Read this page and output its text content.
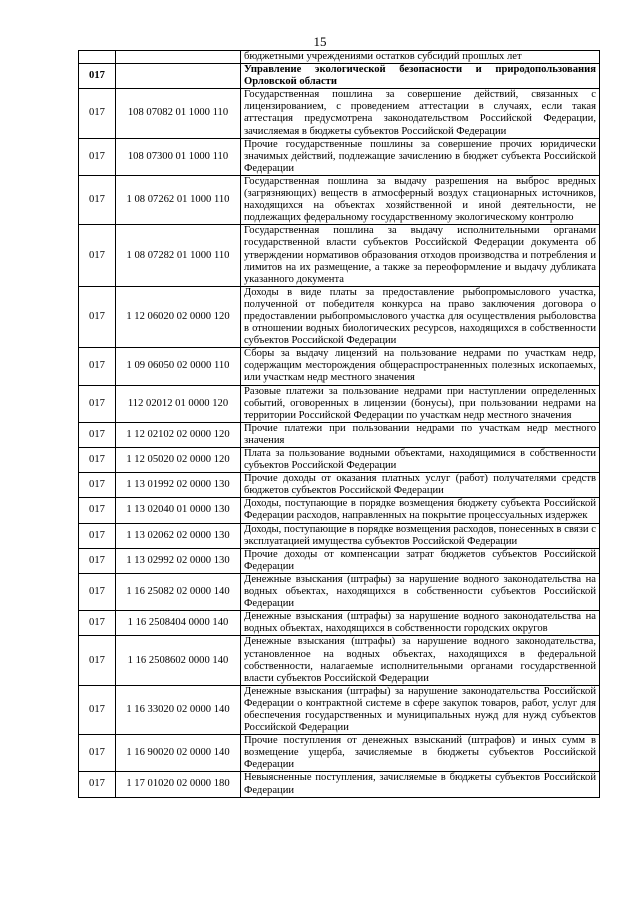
15
		бюджетными учреждениями остатков субсидий прошлых лет
017		Управление экологической безопасности и природопользования Орловской области
017	108 07082 01 1000 110	Государственная пошлина за совершение действий, связанных с лицензированием, с проведением аттестации в случаях, если такая аттестация предусмотрена законодательством Российской Федерации, зачисляемая в бюджеты субъектов Российской Федерации
017	108 07300 01 1000 110	Прочие государственные пошлины за совершение прочих юридически значимых действий, подлежащие зачислению в бюджет субъекта Российской Федерации
017	1 08 07262 01 1000 110	Государственная пошлина за выдачу разрешения на выброс вредных (загрязняющих) веществ в атмосферный воздух стационарных источников, находящихся на объектах хозяйственной и иной деятельности, не подлежащих федеральному государственному экологическому контролю
017	1 08 07282 01 1000 110	Государственная пошлина за выдачу исполнительными органами государственной власти субъектов Российской Федерации документа об утверждении нормативов образования отходов производства и потребления и лимитов на их размещение, а также за переоформление и выдачу дубликата указанного документа
017	1 12 06020 02 0000 120	Доходы в виде платы за предоставление рыбопромыслового участка, полученной от победителя конкурса на право заключения договора о предоставлении рыбопромыслового участка для осуществления рыболовства в отношении водных биологических ресурсов, находящихся в собственности субъектов Российской Федерации
017	1 09 06050 02 0000 110	Сборы за выдачу лицензий на пользование недрами по участкам недр, содержащим месторождения общераспространенных полезных ископаемых, или участкам недр местного значения
017	112 02012 01 0000 120	Разовые платежи за пользование недрами при наступлении определенных событий, оговоренных в лицензии (бонусы), при пользовании недрами на территории Российской Федерации по участкам недр местного значения
017	1 12 02102 02 0000 120	Прочие платежи при пользовании недрами по участкам недр местного значения
017	1 12 05020 02 0000 120	Плата за пользование водными объектами, находящимися в собственности субъектов Российской Федерации
017	1 13 01992 02 0000 130	Прочие доходы от оказания платных услуг (работ) получателями средств бюджетов субъектов Российской Федерации
017	1 13 02040 01 0000 130	Доходы, поступающие в порядке возмещения бюджету субъекта Российской Федерации расходов, направленных на покрытие процессуальных издержек
017	1 13 02062 02 0000 130	Доходы, поступающие в порядке возмещения расходов, понесенных в связи с эксплуатацией имущества субъектов Российской Федерации
017	1 13 02992 02 0000 130	Прочие доходы от компенсации затрат бюджетов субъектов Российской Федерации
017	1 16 25082 02 0000 140	Денежные взыскания (штрафы) за нарушение водного законодательства на водных объектах, находящихся в собственности субъектов Российской Федерации
017	1 16 2508404 0000 140	Денежные взыскания (штрафы) за нарушение водного законодательства на водных объектах, находящихся в собственности городских округов
017	1 16 2508602 0000 140	Денежные взыскания (штрафы) за нарушение водного законодательства, установленное на водных объектах, находящихся в федеральной собственности, налагаемые исполнительными органами государственной власти субъектов Российской Федерации
017	1 16 33020 02 0000 140	Денежные взыскания (штрафы) за нарушение законодательства Российской Федерации о контрактной системе в сфере закупок товаров, работ, услуг для обеспечения государственных и муниципальных нужд для нужд субъектов Российской Федерации
017	1 16 90020 02 0000 140	Прочие поступления от денежных взысканий (штрафов) и иных сумм в возмещение ущерба, зачисляемые в бюджеты субъектов Российской Федерации
017	1 17 01020 02 0000 180	Невыясненные поступления, зачисляемые в бюджеты субъектов Российской Федерации
